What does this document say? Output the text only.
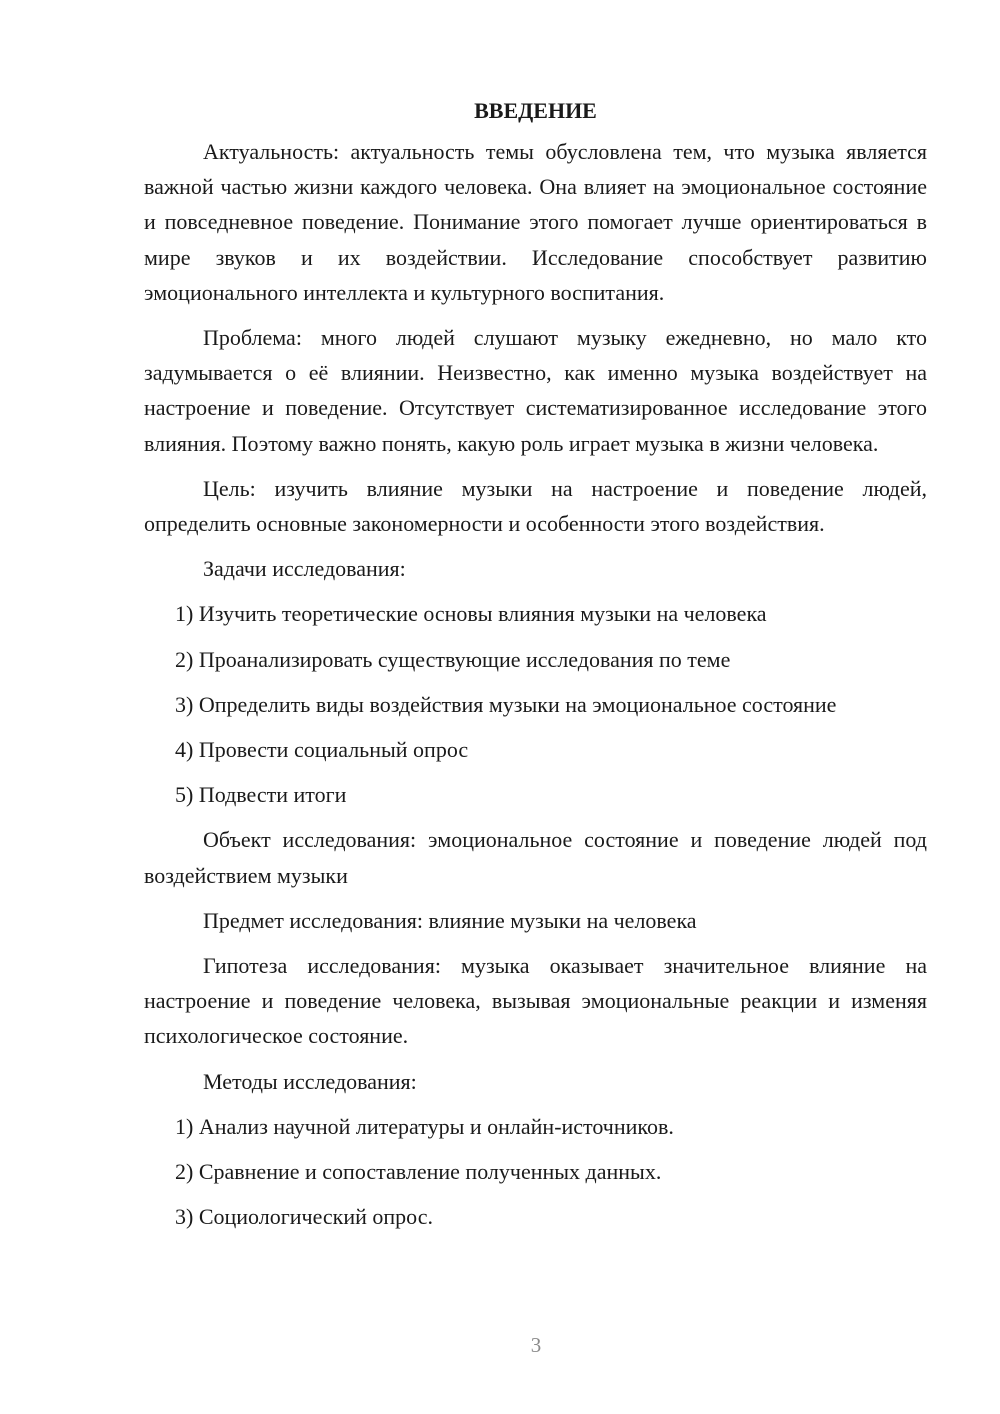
ВВЕДЕНИЕ

Актуальность: актуальность темы обусловлена тем, что музыка является важной частью жизни каждого человека. Она влияет на эмоциональное состояние и повседневное поведение. Понимание этого помогает лучше ориентироваться в мире звуков и их воздействии. Исследование способствует развитию эмоционального интеллекта и культурного воспитания.

Проблема: много людей слушают музыку ежедневно, но мало кто задумывается о её влиянии. Неизвестно, как именно музыка воздействует на настроение и поведение. Отсутствует систематизированное исследование этого влияния. Поэтому важно понять, какую роль играет музыка в жизни человека.

Цель: изучить влияние музыки на настроение и поведение людей, определить основные закономерности и особенности этого воздействия.

Задачи исследования:

1) Изучить теоретические основы влияния музыки на человека

2) Проанализировать существующие исследования по теме

3) Определить виды воздействия музыки на эмоциональное состояние

4) Провести социальный опрос

5) Подвести итоги

Объект исследования: эмоциональное состояние и поведение людей под воздействием музыки

Предмет исследования: влияние музыки на человека

Гипотеза исследования: музыка оказывает значительное влияние на настроение и поведение человека, вызывая эмоциональные реакции и изменяя психологическое состояние.

Методы исследования:

1) Анализ научной литературы и онлайн-источников.

2) Сравнение и сопоставление полученных данных.

3) Социологический опрос.

3
